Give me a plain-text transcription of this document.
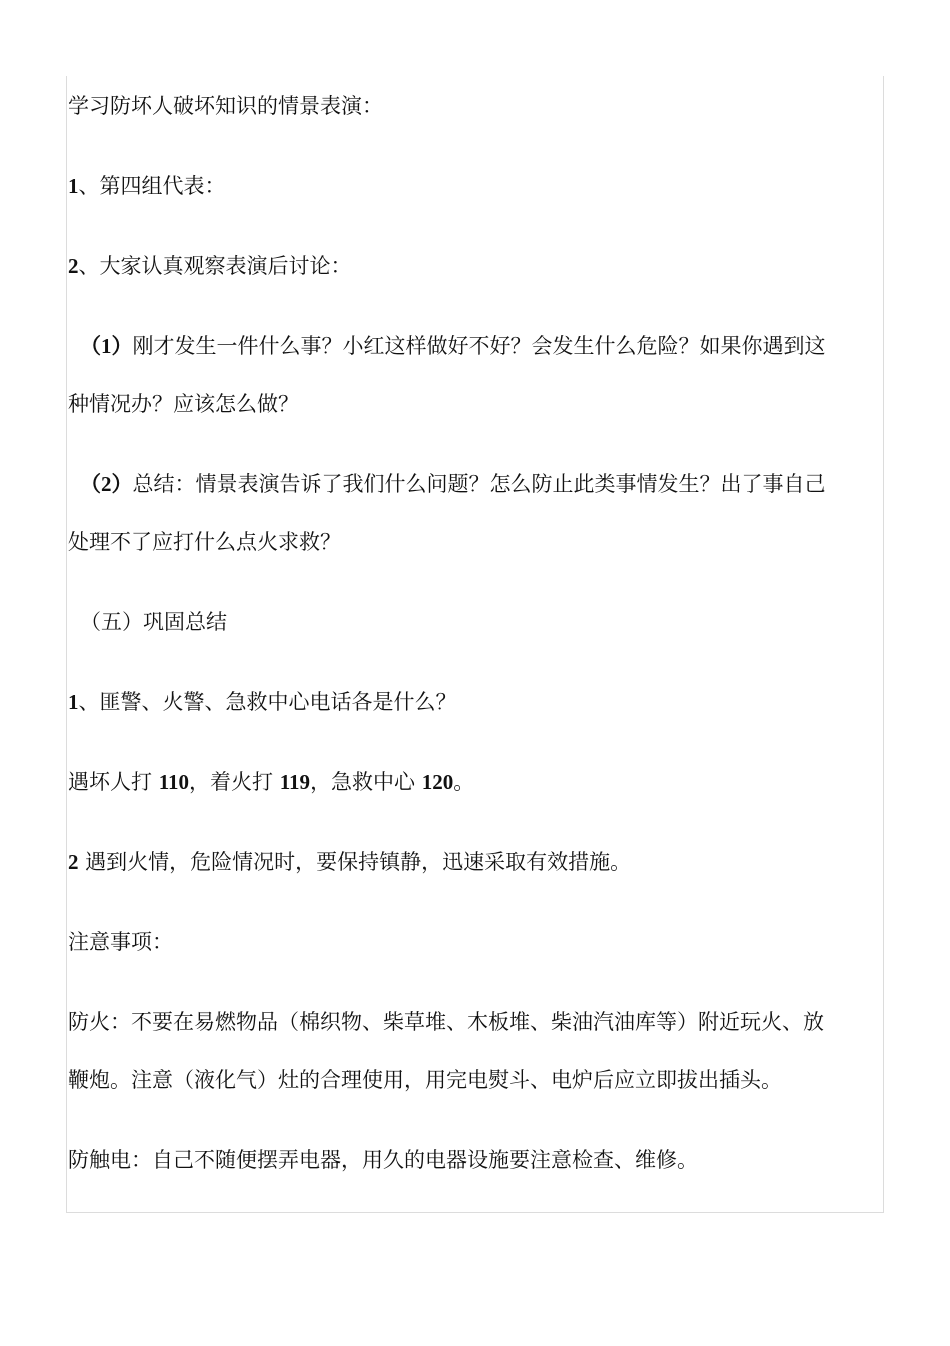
学习防坏人破坏知识的情景表演：
1、第四组代表：
2、大家认真观察表演后讨论：
（1）刚才发生一件什么事？小红这样做好不好？会发生什么危险？如果你遇到这
种情况办？应该怎么做？
（2）总结：情景表演告诉了我们什么问题？怎么防止此类事情发生？出了事自己
处理不了应打什么点火求救？
（五）巩固总结
1、匪警、火警、急救中心电话各是什么？
遇坏人打 110，着火打 119，急救中心 120。
2 遇到火情，危险情况时，要保持镇静，迅速采取有效措施。
注意事项：
防火：不要在易燃物品（棉织物、柴草堆、木板堆、柴油汽油库等）附近玩火、放
鞭炮。注意（液化气）灶的合理使用，用完电熨斗、电炉后应立即拔出插头。
防触电：自己不随便摆弄电器，用久的电器设施要注意检查、维修。
